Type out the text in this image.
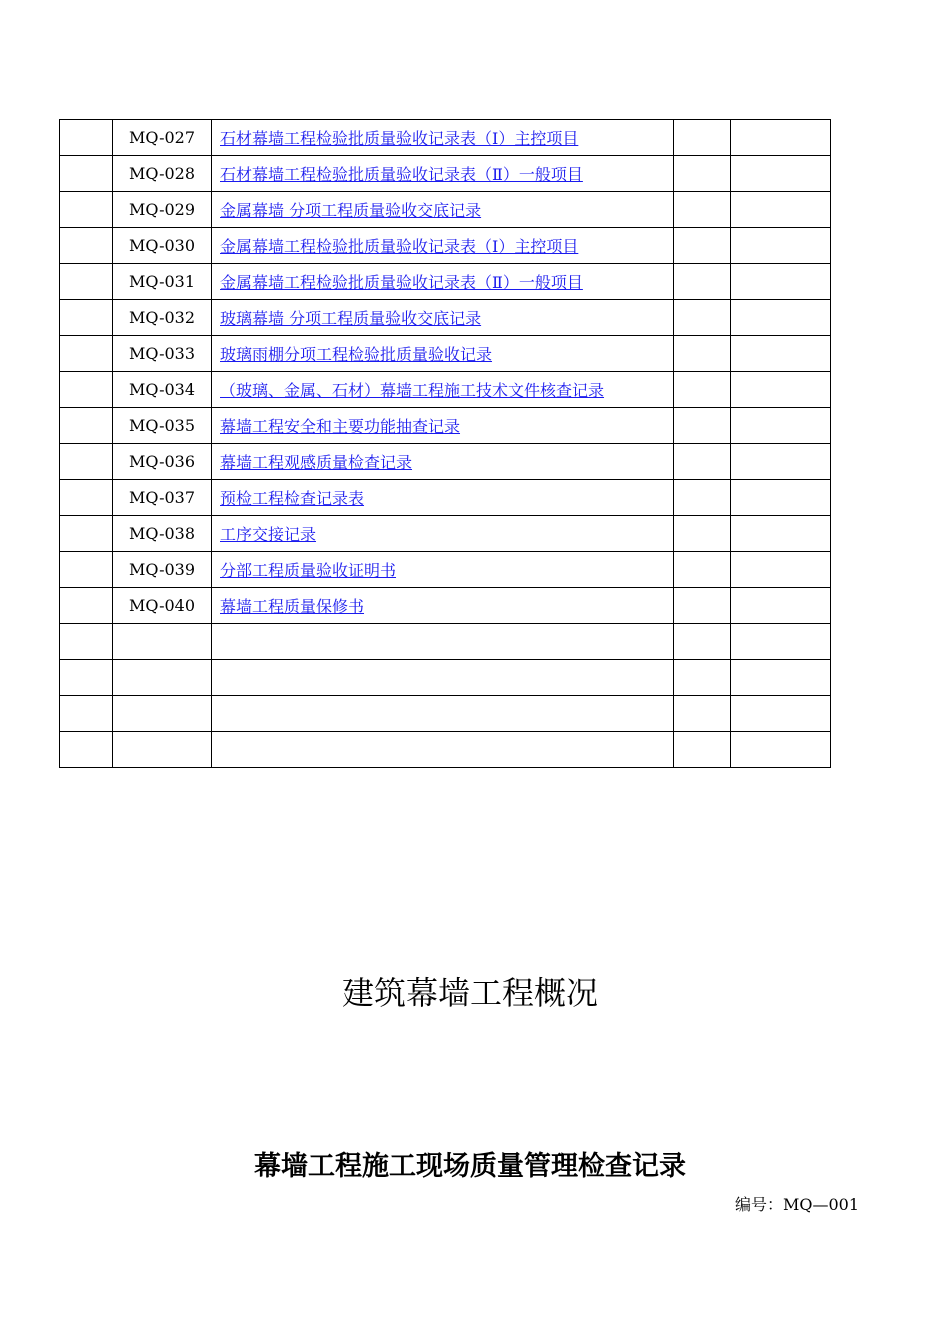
	MQ-027	石材幕墙工程检验批质量验收记录表（Ⅰ）主控项目		
	MQ-028	石材幕墙工程检验批质量验收记录表（Ⅱ）一般项目		
	MQ-029	金属幕墙 分项工程质量验收交底记录		
	MQ-030	金属幕墙工程检验批质量验收记录表（Ⅰ）主控项目		
	MQ-031	金属幕墙工程检验批质量验收记录表（Ⅱ）一般项目		
	MQ-032	玻璃幕墙 分项工程质量验收交底记录		
	MQ-033	玻璃雨棚分项工程检验批质量验收记录		
	MQ-034	（玻璃、金属、石材）幕墙工程施工技术文件核查记录		
	MQ-035	幕墙工程安全和主要功能抽查记录		
	MQ-036	幕墙工程观感质量检查记录		
	MQ-037	预检工程检查记录表		
	MQ-038	工序交接记录		
	MQ-039	分部工程质量验收证明书		
	MQ-040	幕墙工程质量保修书		

建筑幕墙工程概况
幕墙工程施工现场质量管理检查记录
编号：MQ—001
